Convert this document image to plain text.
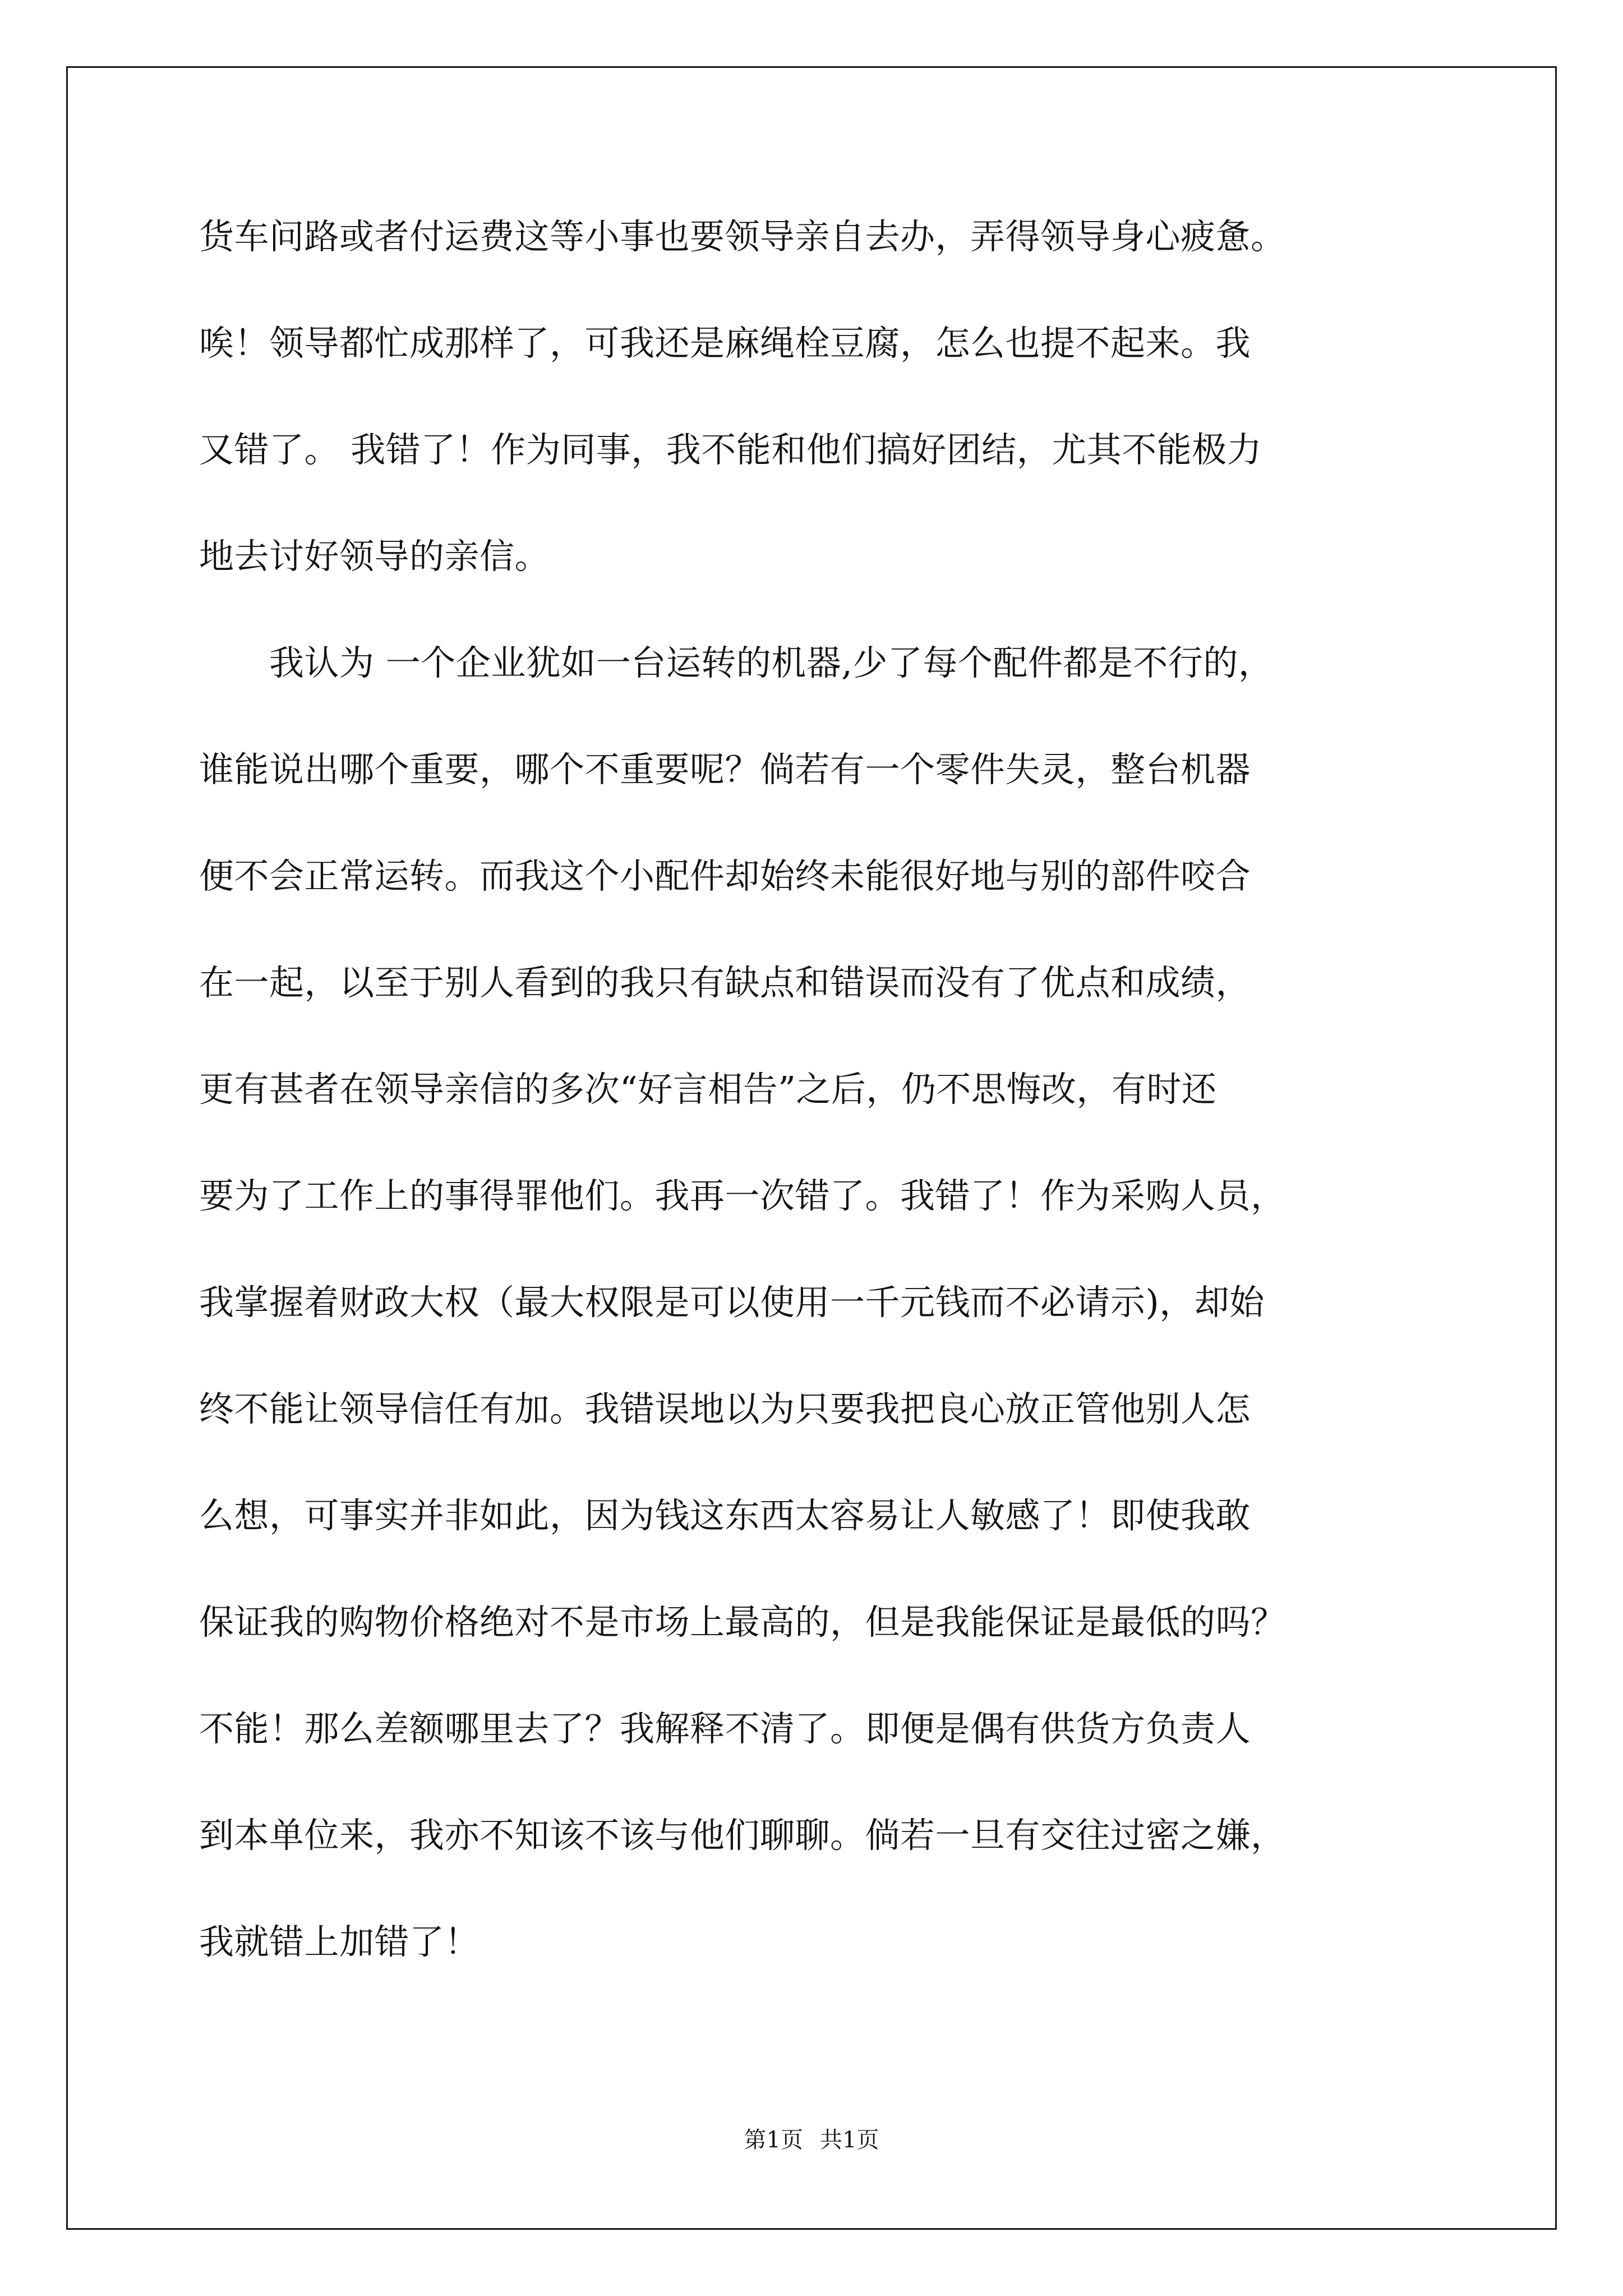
货车问路或者付运费这等小事也要领导亲自去办，弄得领导身心疲惫。
唉！领导都忙成那样了，可我还是麻绳栓豆腐，怎么也提不起来。我
又错了。 我错了！作为同事，我不能和他们搞好团结，尤其不能极力
地去讨好领导的亲信。
　　我认为 一个企业犹如一台运转的机器,少了每个配件都是不行的，
谁能说出哪个重要，哪个不重要呢？倘若有一个零件失灵，整台机器
便不会正常运转。而我这个小配件却始终未能很好地与别的部件咬合
在一起，以至于别人看到的我只有缺点和错误而没有了优点和成绩，
更有甚者在领导亲信的多次“好言相告”之后，仍不思悔改，有时还
要为了工作上的事得罪他们。我再一次错了。我错了！作为采购人员，
我掌握着财政大权（最大权限是可以使用一千元钱而不必请示)，却始
终不能让领导信任有加。我错误地以为只要我把良心放正管他别人怎
么想，可事实并非如此，因为钱这东西太容易让人敏感了！即使我敢
保证我的购物价格绝对不是市场上最高的，但是我能保证是最低的吗？
不能！那么差额哪里去了？我解释不清了。即便是偶有供货方负责人
到本单位来，我亦不知该不该与他们聊聊。倘若一旦有交往过密之嫌，
我就错上加错了！
第1页 共1页
